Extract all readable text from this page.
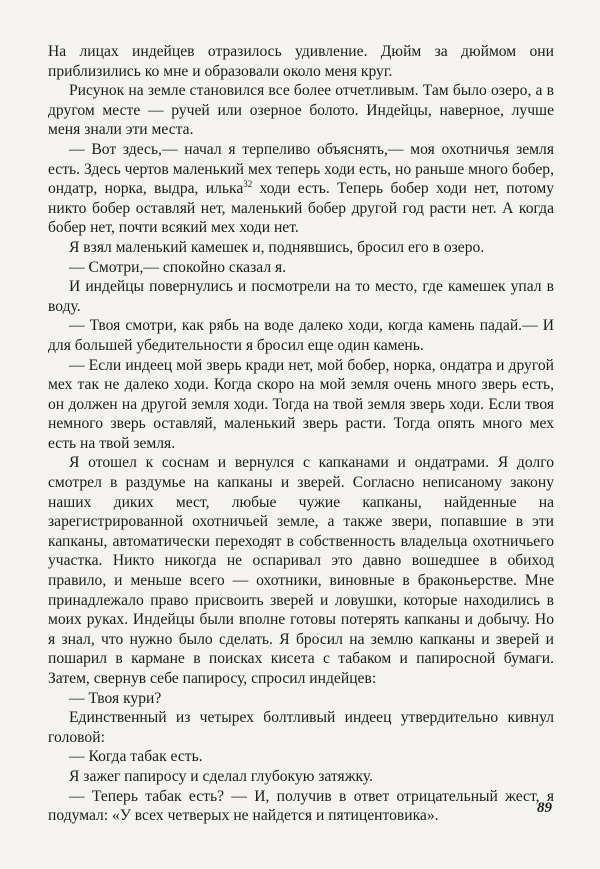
На лицах индейцев отразилось удивление. Дюйм за дюймом они приблизились ко мне и образовали около меня круг.

Рисунок на земле становился все более отчетливым. Там было озеро, а в другом месте — ручей или озерное болото. Индейцы, наверное, лучше меня знали эти места.

— Вот здесь,— начал я терпеливо объяснять,— моя охотничья земля есть. Здесь чертов маленький мех теперь ходи есть, но раньше много бобер, ондатр, норка, выдра, илька$^{32}$ ходи есть. Теперь бобер ходи нет, потому никто бобер оставляй нет, маленький бобер другой год расти нет. А когда бобер нет, почти всякий мех ходи нет.

Я взял маленький камешек и, поднявшись, бросил его в озеро.

— Смотри,— спокойно сказал я.

И индейцы повернулись и посмотрели на то место, где камешек упал в воду.

— Твоя смотри, как рябь на воде далеко ходи, когда камень падай.— И для большей убедительности я бросил еще один камень.

— Если индеец мой зверь кради нет, мой бобер, норка, ондатра и другой мех так не далеко ходи. Когда скоро на мой земля очень много зверь есть, он должен на другой земля ходи. Тогда на твой земля зверь ходи. Если твоя немного зверь оставляй, маленький зверь расти. Тогда опять много мех есть на твой земля.

Я отошел к соснам и вернулся с капканами и ондатрами. Я долго смотрел в раздумье на капканы и зверей. Согласно неписаному закону наших диких мест, любые чужие капканы, найденные на зарегистрированной охотничьей земле, а также звери, попавшие в эти капканы, автоматически переходят в собственность владельца охотничьего участка. Никто никогда не оспаривал это давно вошедшее в обиход правило, и меньше всего — охотники, виновные в браконьерстве. Мне принадлежало право присвоить зверей и ловушки, которые находились в моих руках. Индейцы были вполне готовы потерять капканы и добычу. Но я знал, что нужно было сделать. Я бросил на землю капканы и зверей и пошарил в кармане в поисках кисета с табаком и папиросной бумаги. Затем, свернув себе папиросу, спросил индейцев:

— Твоя кури?

Единственный из четырех болтливый индеец утвердительно кивнул головой:

— Когда табак есть.

Я зажег папиросу и сделал глубокую затяжку.

— Теперь табак есть? — И, получив в ответ отрицательный жест, я подумал: «У всех четверых не найдется и пятицентовика».	89
